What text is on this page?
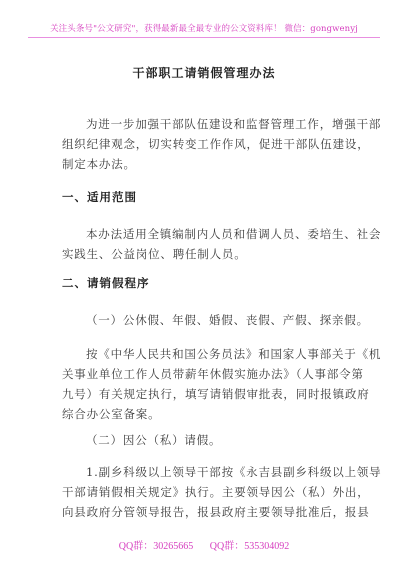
关注头条号"公文研究"，获得最新最全最专业的公文资料库！ 微信：gongwenyj
干部职工请销假管理办法
为进一步加强干部队伍建设和监督管理工作，增强干部
组织纪律观念，切实转变工作作风，促进干部队伍建设，
制定本办法。
一、适用范围
本办法适用全镇编制内人员和借调人员、委培生、社会
实践生、公益岗位、聘任制人员。
二、请销假程序
（一）公休假、年假、婚假、丧假、产假、探亲假。
按《中华人民共和国公务员法》和国家人事部关于《机
关事业单位工作人员带薪年休假实施办法》（人事部令第
九号）有关规定执行，填写请销假审批表，同时报镇政府
综合办公室备案。
（二）因公（私）请假。
1.副乡科级以上领导干部按《永吉县副乡科级以上领导
干部请销假相关规定》执行。主要领导因公（私）外出，
向县政府分管领导报告，报县政府主要领导批准后，报县
QQ群：30265665 QQ群：535304092
